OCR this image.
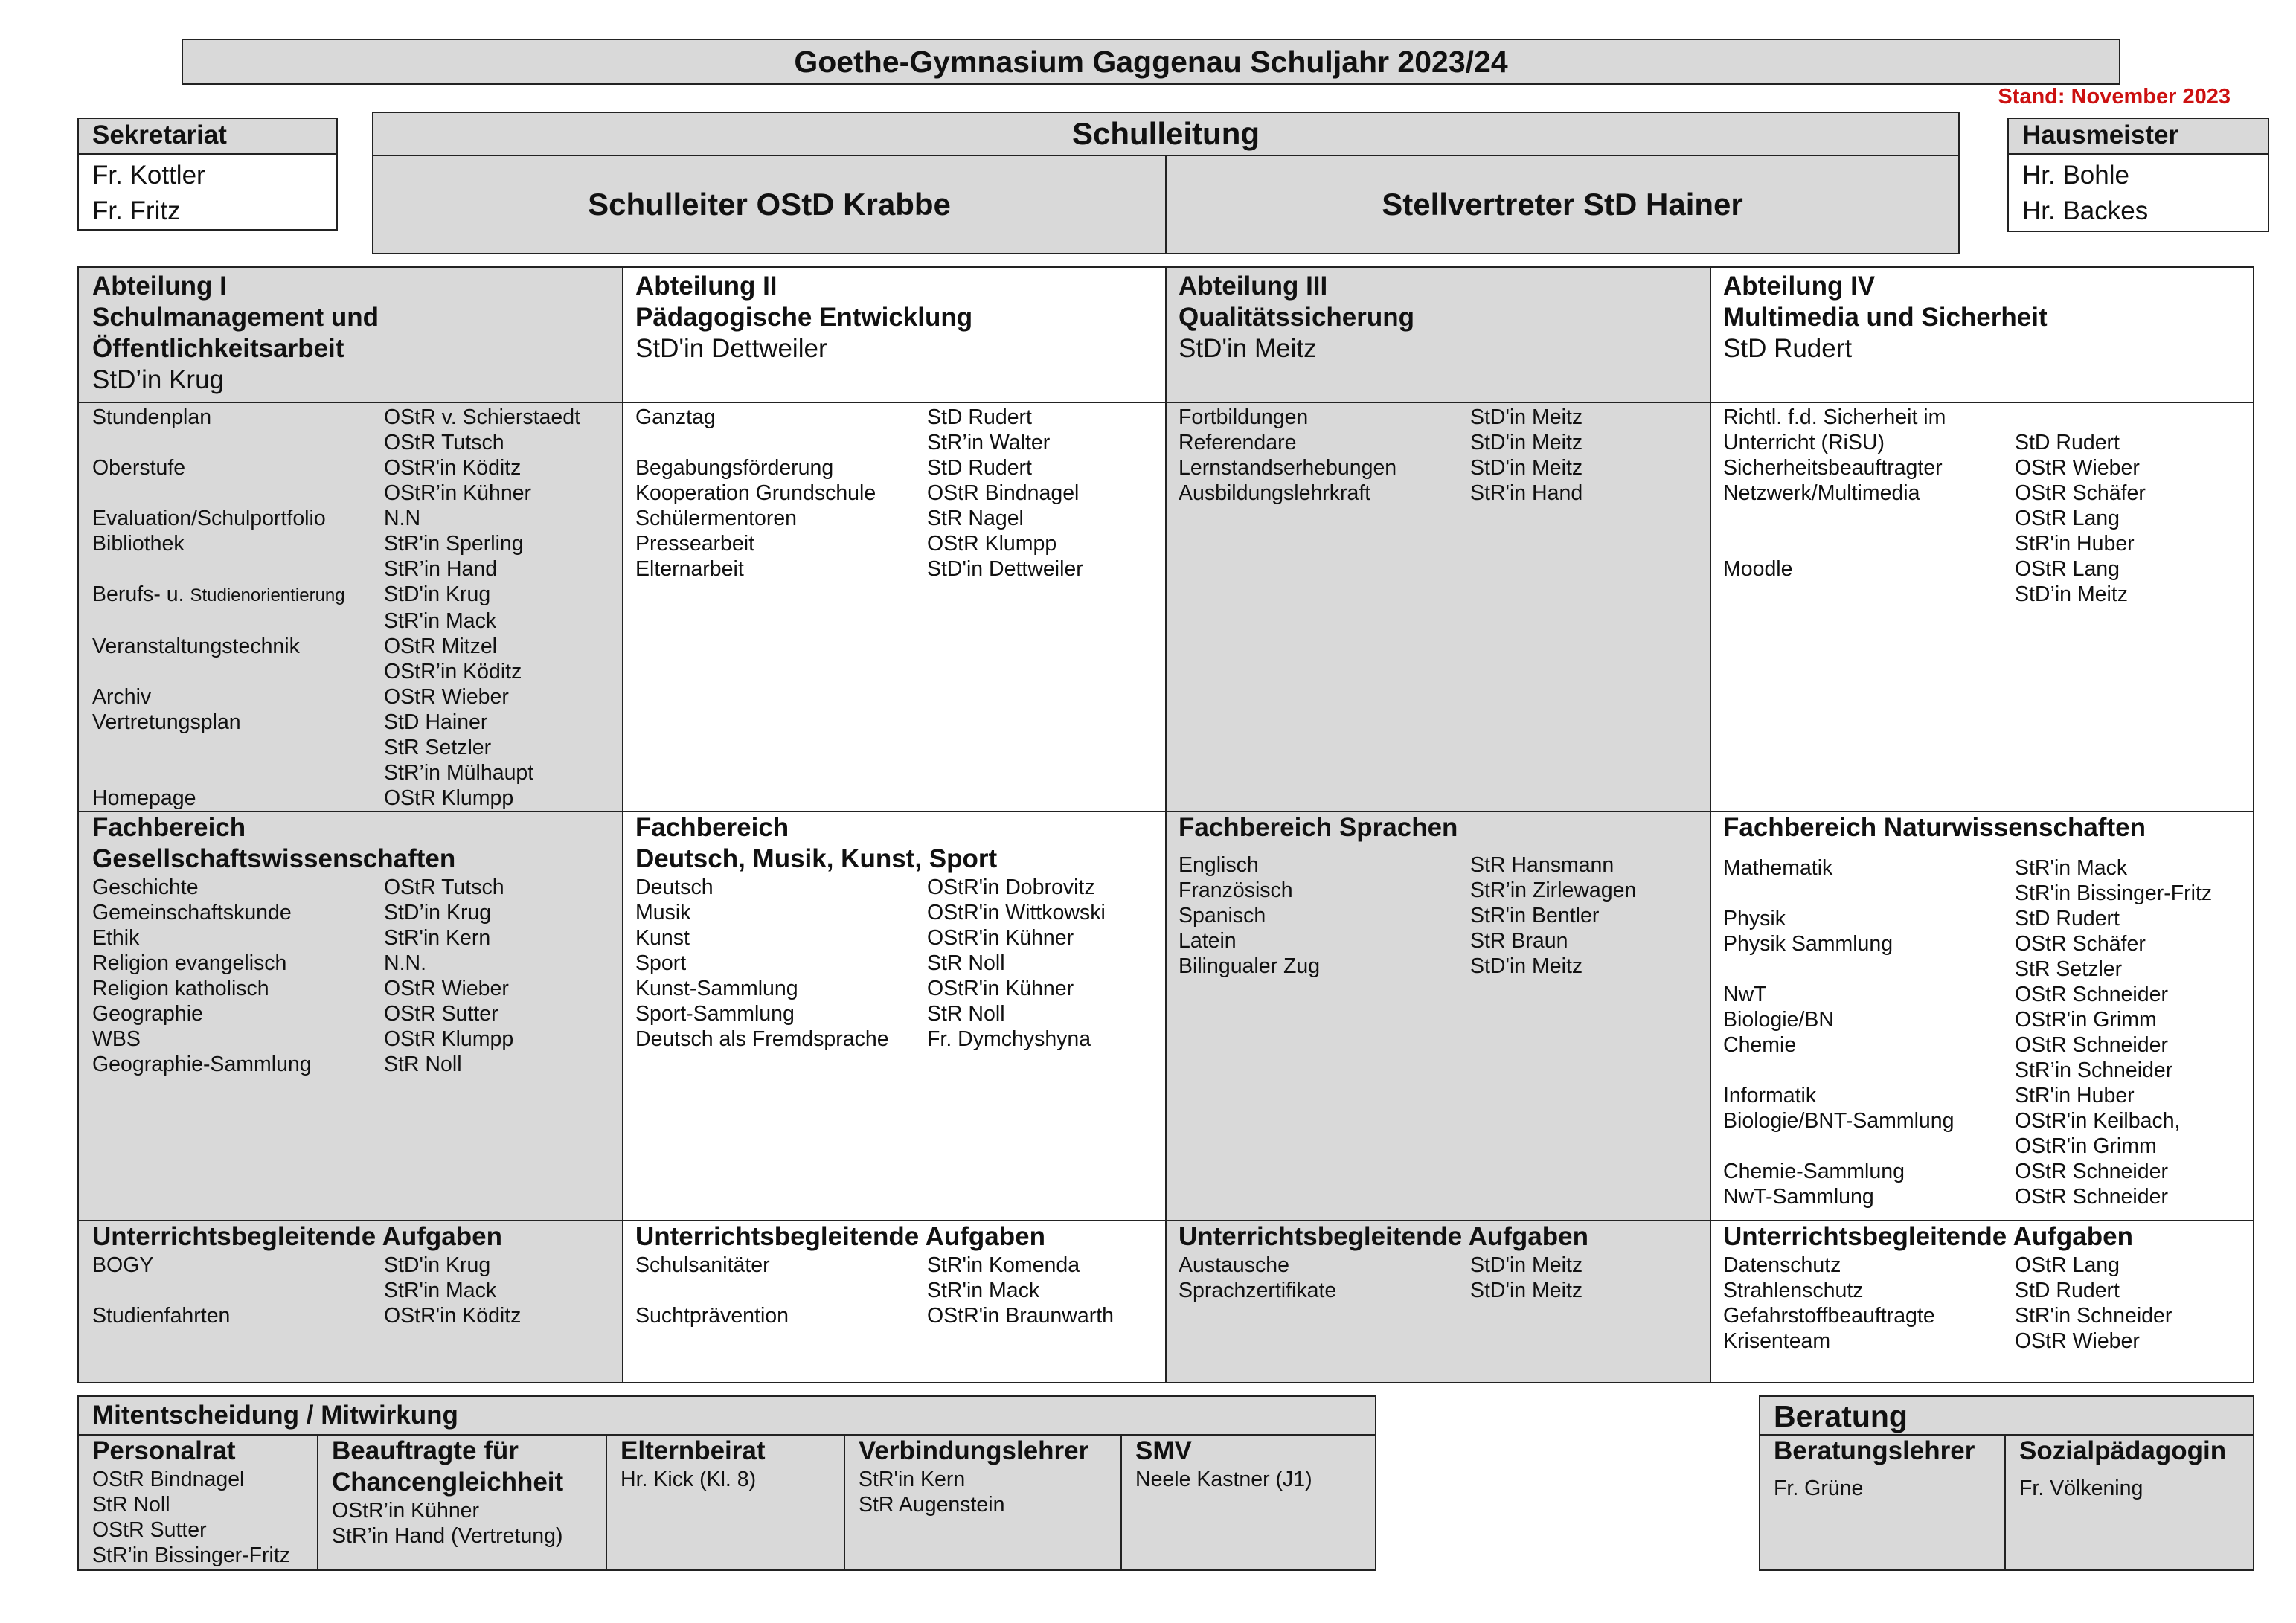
Goethe-Gymnasium Gaggenau Schuljahr 2023/24
Stand: November 2023
Sekretariat
Fr. Kottler
Fr. Fritz
Schulleitung
Schulleiter OStD Krabbe	Stellvertreter StD Hainer
Hausmeister
Hr. Bohle
Hr. Backes
Abteilung I
Schulmanagement und
Öffentlichkeitsarbeit
StD’in Krug
Stundenplan	OStR v. Schierstaedt
OStR Tutsch
Oberstufe	OStR'in Köditz
OStR’in Kühner
Evaluation/Schulportfolio	N.N
Bibliothek	StR'in Sperling
StR’in Hand
Berufs- u. Studienorientierung	StD'in Krug
StR'in Mack
Veranstaltungstechnik	OStR Mitzel
OStR’in Köditz
Archiv	OStR Wieber
Vertretungsplan	StD Hainer
StR Setzler
StR’in Mülhaupt
Homepage	OStR Klumpp
Abteilung II
Pädagogische Entwicklung
StD'in Dettweiler
Ganztag	StD Rudert
StR’in Walter
Begabungsförderung	StD Rudert
Kooperation Grundschule	OStR Bindnagel
Schülermentoren	StR Nagel
Pressearbeit	OStR Klumpp
Elternarbeit	StD'in Dettweiler
Abteilung III
Qualitätssicherung
StD'in Meitz
Fortbildungen	StD'in Meitz
Referendare	StD'in Meitz
Lernstandserhebungen	StD'in Meitz
Ausbildungslehrkraft	StR'in Hand
Abteilung IV
Multimedia und Sicherheit
StD Rudert
Richtl. f.d. Sicherheit im
Unterricht (RiSU)	StD Rudert
Sicherheitsbeauftragter	OStR Wieber
Netzwerk/Multimedia	OStR Schäfer
OStR Lang
StR'in Huber
Moodle	OStR Lang
StD’in Meitz
Fachbereich
Gesellschaftswissenschaften
Geschichte	OStR Tutsch
Gemeinschaftskunde	StD’in Krug
Ethik	StR'in Kern
Religion evangelisch	N.N.
Religion katholisch	OStR Wieber
Geographie	OStR Sutter
WBS	OStR Klumpp
Geographie-Sammlung	StR Noll
Fachbereich
Deutsch, Musik, Kunst, Sport
Deutsch	OStR'in Dobrovitz
Musik	OStR'in Wittkowski
Kunst	OStR'in Kühner
Sport	StR Noll
Kunst-Sammlung	OStR'in Kühner
Sport-Sammlung	StR Noll
Deutsch als Fremdsprache	Fr. Dymchyshyna
Fachbereich Sprachen
Englisch	StR Hansmann
Französisch	StR’in Zirlewagen
Spanisch	StR'in Bentler
Latein	StR Braun
Bilingualer Zug	StD'in Meitz
Fachbereich Naturwissenschaften
Mathematik	StR'in Mack
StR'in Bissinger-Fritz
Physik	StD Rudert
Physik Sammlung	OStR Schäfer
StR Setzler
NwT	OStR Schneider
Biologie/BN	OStR'in Grimm
Chemie	OStR Schneider
StR’in Schneider
Informatik	StR'in Huber
Biologie/BNT-Sammlung	OStR'in Keilbach,
OStR'in Grimm
Chemie-Sammlung	OStR Schneider
NwT-Sammlung	OStR Schneider
Unterrichtsbegleitende Aufgaben
BOGY	StD'in Krug
StR'in Mack
Studienfahrten	OStR'in Köditz
Unterrichtsbegleitende Aufgaben
Schulsanitäter	StR'in Komenda
StR'in Mack
Suchtprävention	OStR'in Braunwarth
Unterrichtsbegleitende Aufgaben
Austausche	StD'in Meitz
Sprachzertifikate	StD'in Meitz
Unterrichtsbegleitende Aufgaben
Datenschutz	OStR Lang
Strahlenschutz	StD Rudert
Gefahrstoffbeauftragte	StR'in Schneider
Krisenteam	OStR Wieber
Mitentscheidung / Mitwirkung
Personalrat
OStR Bindnagel
StR Noll
OStR Sutter
StR’in Bissinger-Fritz
Beauftragte für
Chancengleichheit
OStR’in Kühner
StR’in Hand (Vertretung)
Elternbeirat
Hr. Kick (Kl. 8)
Verbindungslehrer
StR'in Kern
StR Augenstein
SMV
Neele Kastner (J1)
Beratung
Beratungslehrer
Fr. Grüne
Sozialpädagogin
Fr. Völkening
